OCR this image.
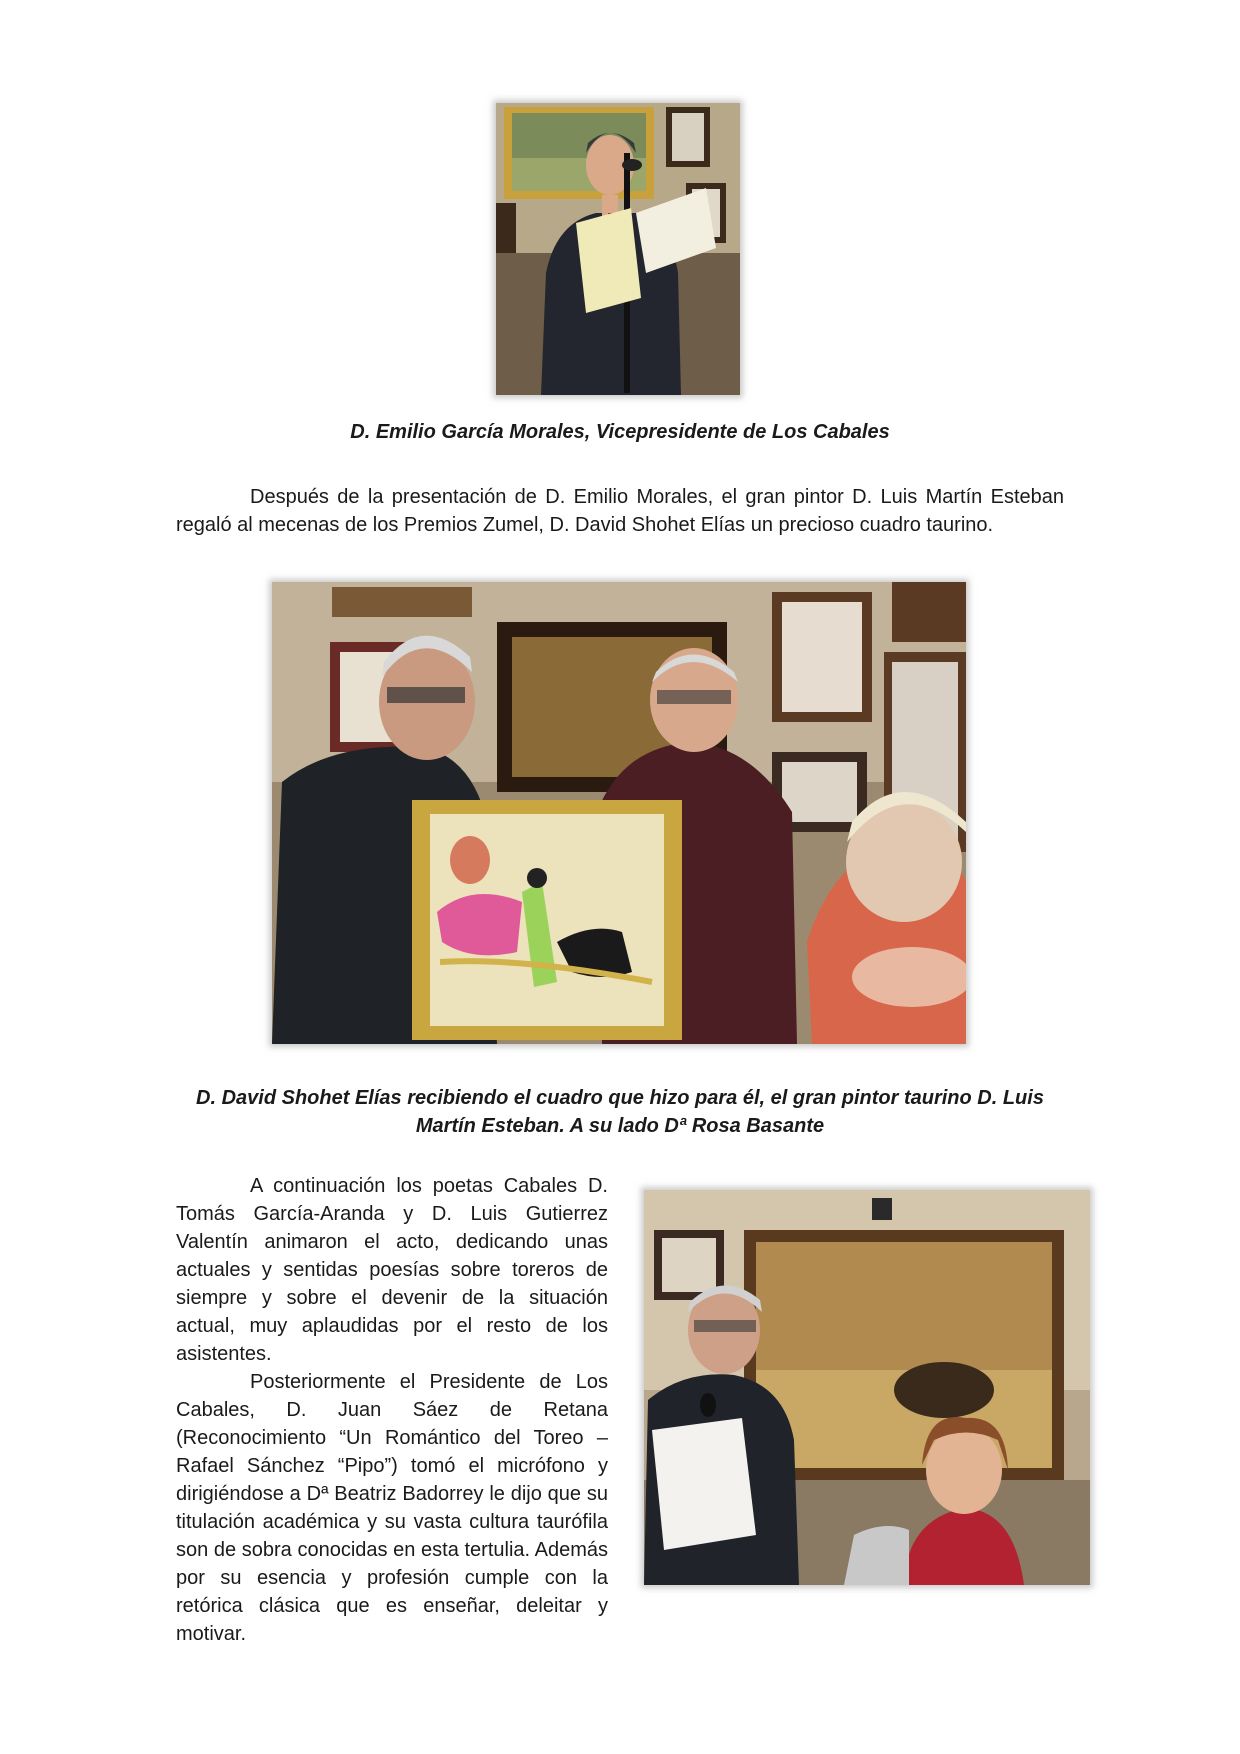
D. Emilio García Morales, Vicepresidente de Los Cabales

Después de la presentación de D. Emilio Morales, el gran pintor D. Luis Martín Esteban regaló al mecenas de los Premios Zumel, D. David Shohet Elías un precioso cuadro taurino.

D. David Shohet Elías recibiendo el cuadro que hizo para él, el gran pintor taurino D. Luis
Martín Esteban. A su lado Dª Rosa Basante

A continuación los poetas Cabales D. Tomás García-Aranda y D. Luis Gutierrez Valentín animaron el acto, dedicando unas actuales y sentidas poesías sobre toreros de siempre y sobre el devenir de la situación actual, muy aplaudidas por el resto de los asistentes.

Posteriormente el Presidente de Los Cabales, D. Juan Sáez de Retana (Reconocimiento “Un Romántico del Toreo – Rafael Sánchez “Pipo”) tomó el micrófono y dirigiéndose a Dª Beatriz Badorrey le dijo que su titulación académica y su vasta cultura taurófila son de sobra conocidas en esta tertulia. Además por su esencia y profesión cumple con la retórica clásica que es enseñar, deleitar y motivar.
